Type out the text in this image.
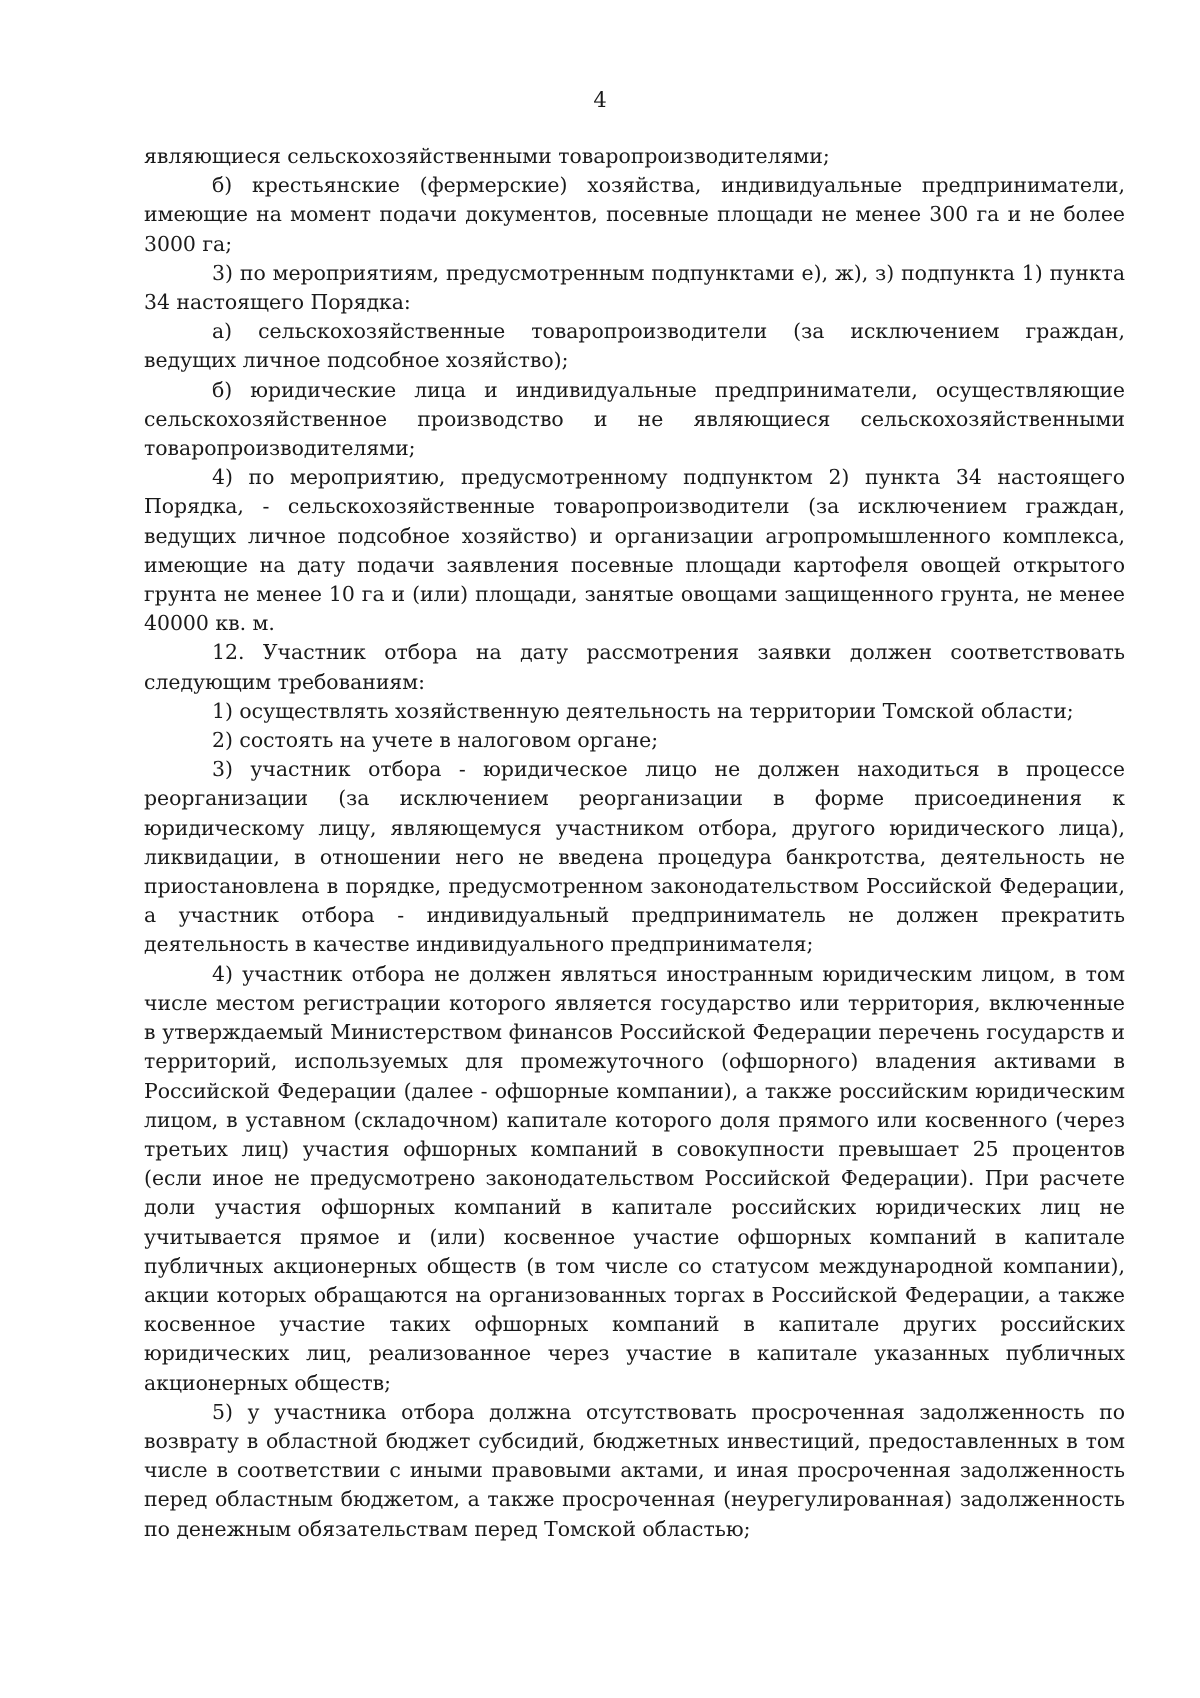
4

являющиеся сельскохозяйственными товаропроизводителями;

б) крестьянские (фермерские) хозяйства, индивидуальные предприниматели, имеющие на момент подачи документов, посевные площади не менее 300 га и не более 3000 га;

3) по мероприятиям, предусмотренным подпунктами е), ж), з) подпункта 1) пункта 34 настоящего Порядка:

а) сельскохозяйственные товаропроизводители (за исключением граждан, ведущих личное подсобное хозяйство);

б) юридические лица и индивидуальные предприниматели, осуществляющие сельскохозяйственное производство и не являющиеся сельскохозяйственными товаропроизводителями;

4) по мероприятию, предусмотренному подпунктом 2) пункта 34 настоящего Порядка, - сельскохозяйственные товаропроизводители (за исключением граждан, ведущих личное подсобное хозяйство) и организации агропромышленного комплекса, имеющие на дату подачи заявления посевные площади картофеля овощей открытого грунта не менее 10 га и (или) площади, занятые овощами защищенного грунта, не менее 40000 кв. м.

12. Участник отбора на дату рассмотрения заявки должен соответствовать следующим требованиям:

1) осуществлять хозяйственную деятельность на территории Томской области;

2) состоять на учете в налоговом органе;

3) участник отбора - юридическое лицо не должен находиться в процессе реорганизации (за исключением реорганизации в форме присоединения к юридическому лицу, являющемуся участником отбора, другого юридического лица), ликвидации, в отношении него не введена процедура банкротства, деятельность не приостановлена в порядке, предусмотренном законодательством Российской Федерации, а участник отбора - индивидуальный предприниматель не должен прекратить деятельность в качестве индивидуального предпринимателя;

4) участник отбора не должен являться иностранным юридическим лицом, в том числе местом регистрации которого является государство или территория, включенные в утверждаемый Министерством финансов Российской Федерации перечень государств и территорий, используемых для промежуточного (офшорного) владения активами в Российской Федерации (далее - офшорные компании), а также российским юридическим лицом, в уставном (складочном) капитале которого доля прямого или косвенного (через третьих лиц) участия офшорных компаний в совокупности превышает 25 процентов (если иное не предусмотрено законодательством Российской Федерации). При расчете доли участия офшорных компаний в капитале российских юридических лиц не учитывается прямое и (или) косвенное участие офшорных компаний в капитале публичных акционерных обществ (в том числе со статусом международной компании), акции которых обращаются на организованных торгах в Российской Федерации, а также косвенное участие таких офшорных компаний в капитале других российских юридических лиц, реализованное через участие в капитале указанных публичных акционерных обществ;

5) у участника отбора должна отсутствовать просроченная задолженность по возврату в областной бюджет субсидий, бюджетных инвестиций, предоставленных в том числе в соответствии с иными правовыми актами, и иная просроченная задолженность перед областным бюджетом, а также просроченная (неурегулированная) задолженность по денежным обязательствам перед Томской областью;
